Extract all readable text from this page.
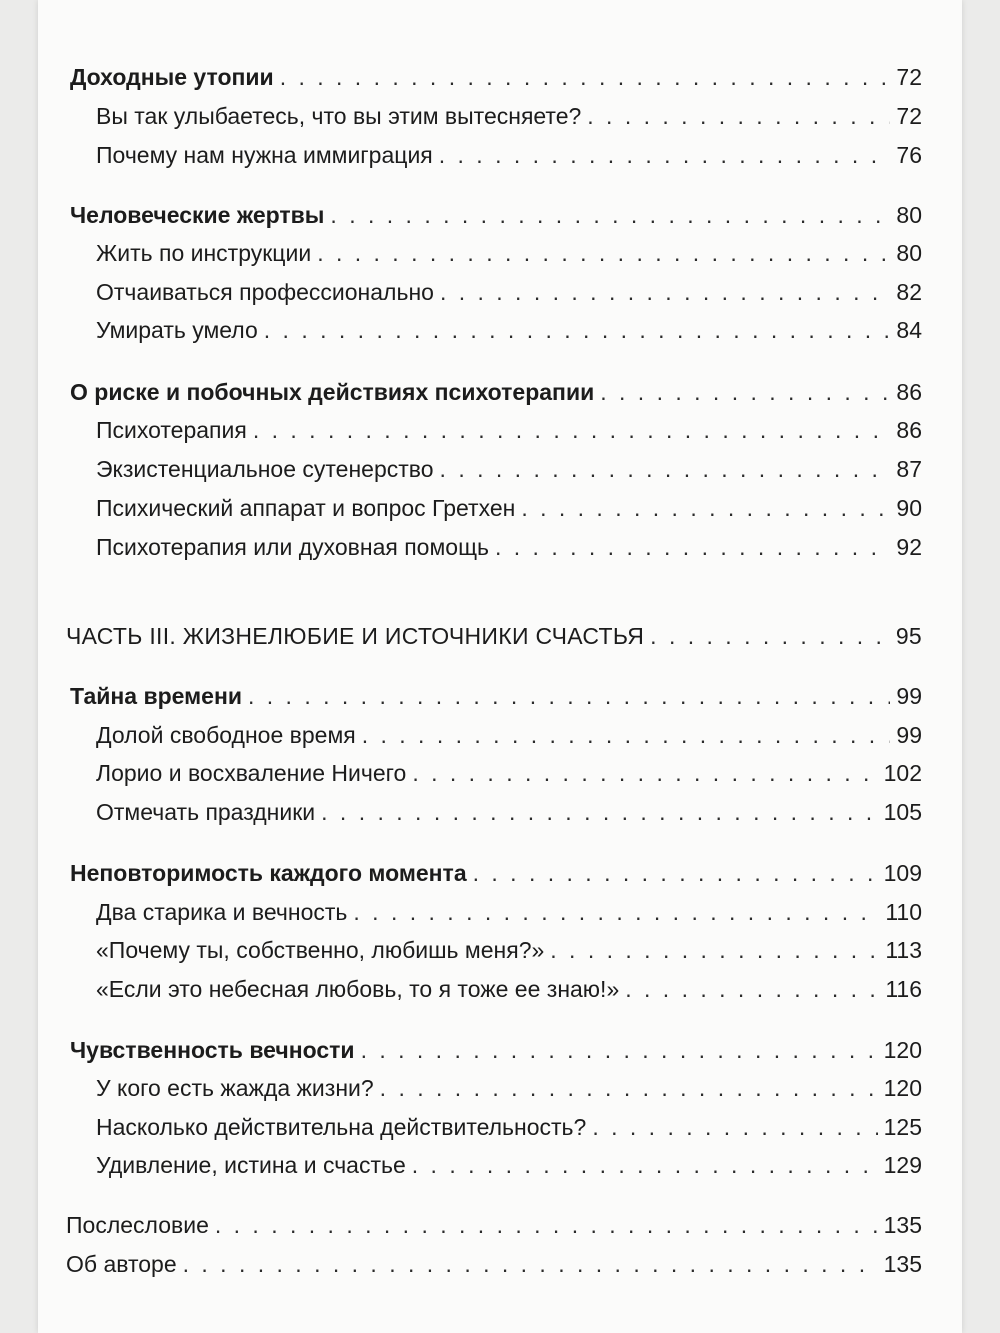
Доходные утопии . . .	72
Вы так улыбаетесь, что вы этим вытесняете? . . .	72
Почему нам нужна иммиграция . . .	76
Человеческие жертвы . . .	80
Жить по инструкции . . .	80
Отчаиваться профессионально . . .	82
Умирать умело . . .	84
О риске и побочных действиях психотерапии . . .	86
Психотерапия . . .	86
Экзистенциальное сутенерство . . .	87
Психический аппарат и вопрос Гретхен . . .	90
Психотерапия или духовная помощь . . .	92
ЧАСТЬ III. ЖИЗНЕЛЮБИЕ И ИСТОЧНИКИ СЧАСТЬЯ . . .	95
Тайна времени . . .	99
Долой свободное время . . .	99
Лорио и восхваление Ничего . . .	102
Отмечать праздники . . .	105
Неповторимость каждого момента . . .	109
Два старика и вечность . . .	110
«Почему ты, собственно, любишь меня?» . . .	113
«Если это небесная любовь, то я тоже ее знаю!» . . .	116
Чувственность вечности . . .	120
У кого есть жажда жизни? . . .	120
Насколько действительна действительность? . . .	125
Удивление, истина и счастье . . .	129
Послесловие . . .	135
Об авторе . . .	135
